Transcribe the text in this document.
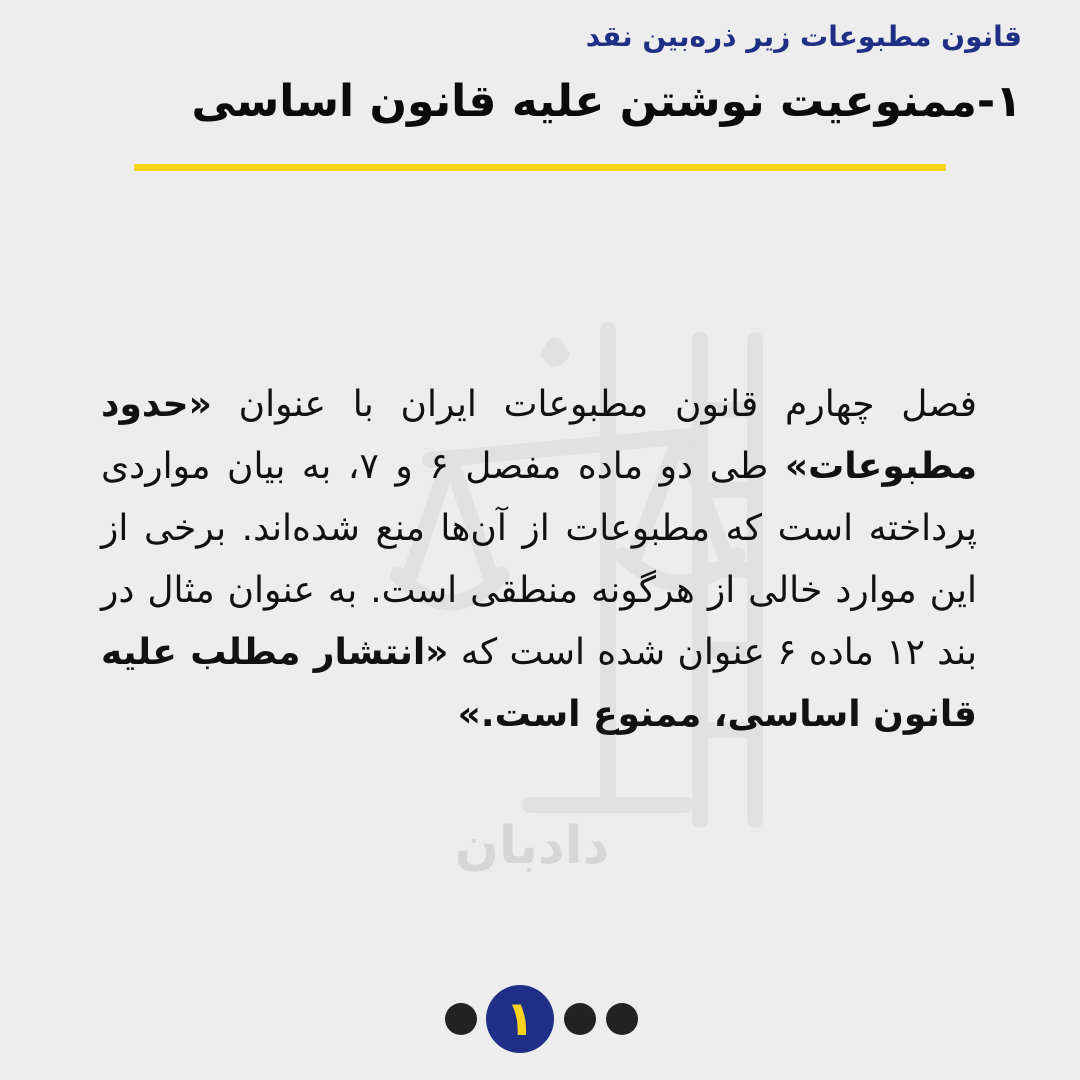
قانون مطبوعات زیر ذره‌بین نقد
۱-ممنوعیت نوشتن علیه قانون اساسی
دادبان

فصل چهارم قانون مطبوعات ایران با عنوان «حدود مطبوعات» طی دو ماده مفصل ۶ و ۷، به بیان مواردی پرداخته است که مطبوعات از آن‌ها منع شده‌اند. برخی از این موارد خالی از هرگونه منطقی است. به عنوان مثال در بند ۱۲ ماده ۶ عنوان شده است که «انتشار مطلب علیه قانون اساسی، ممنوع است.»

۱
